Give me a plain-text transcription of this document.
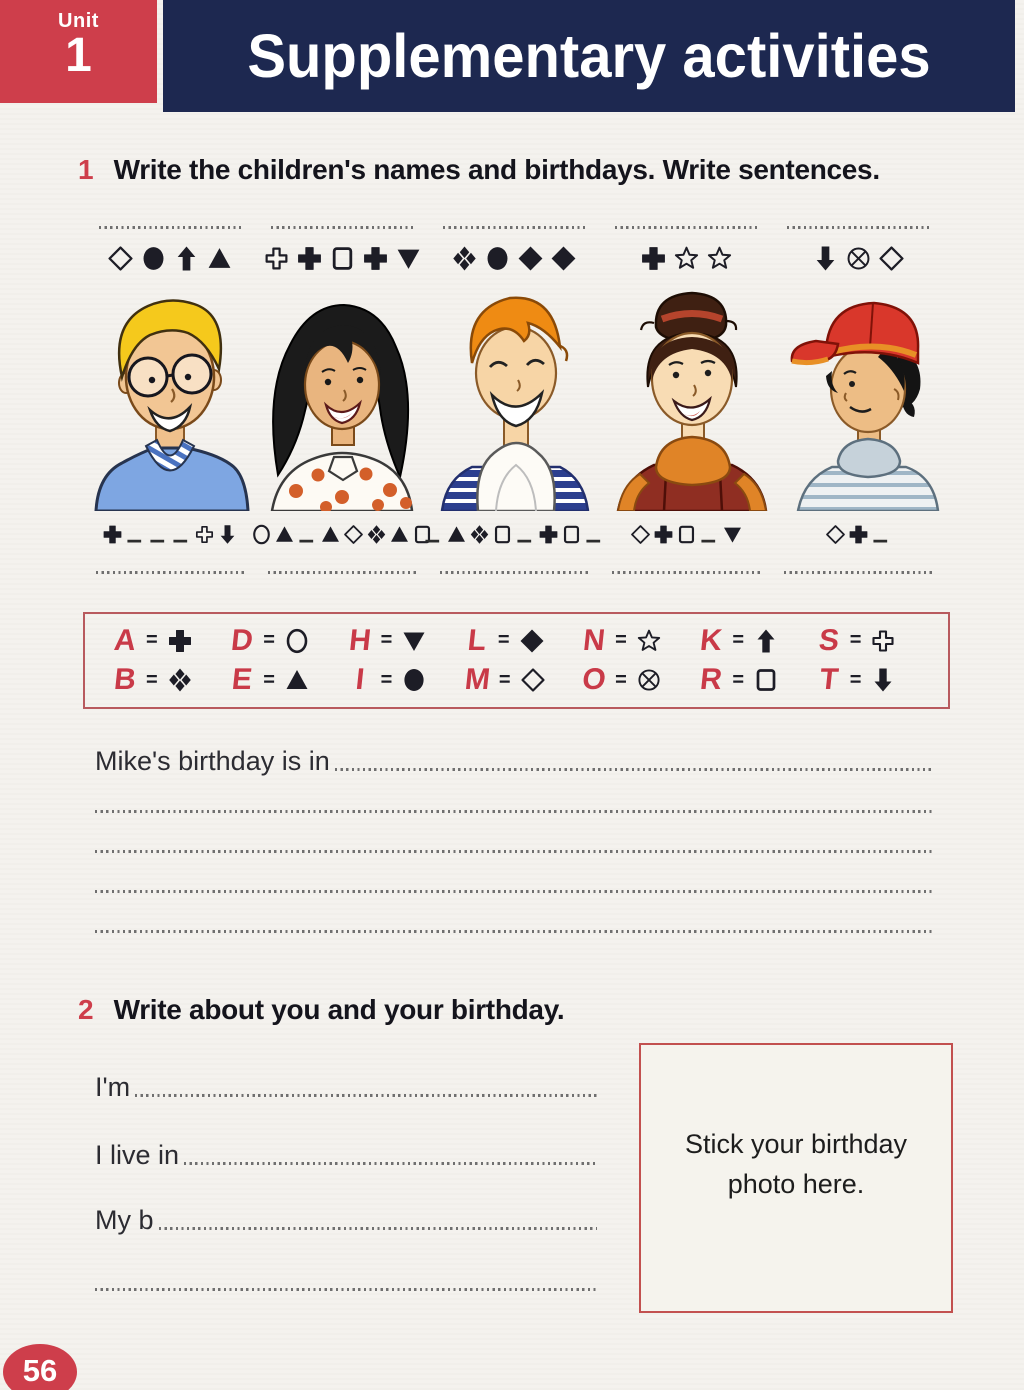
Unit
1	Supplementary activities
1 Write the children's names and birthdays. Write sentences.
A = D = H = L = N = K = S =
B = E =	I = M = O = R = T =
Mike's birthday is in
2 Write about you and your birthday.
I'm
I live in
My b
Stick your birthday photo here.
56
